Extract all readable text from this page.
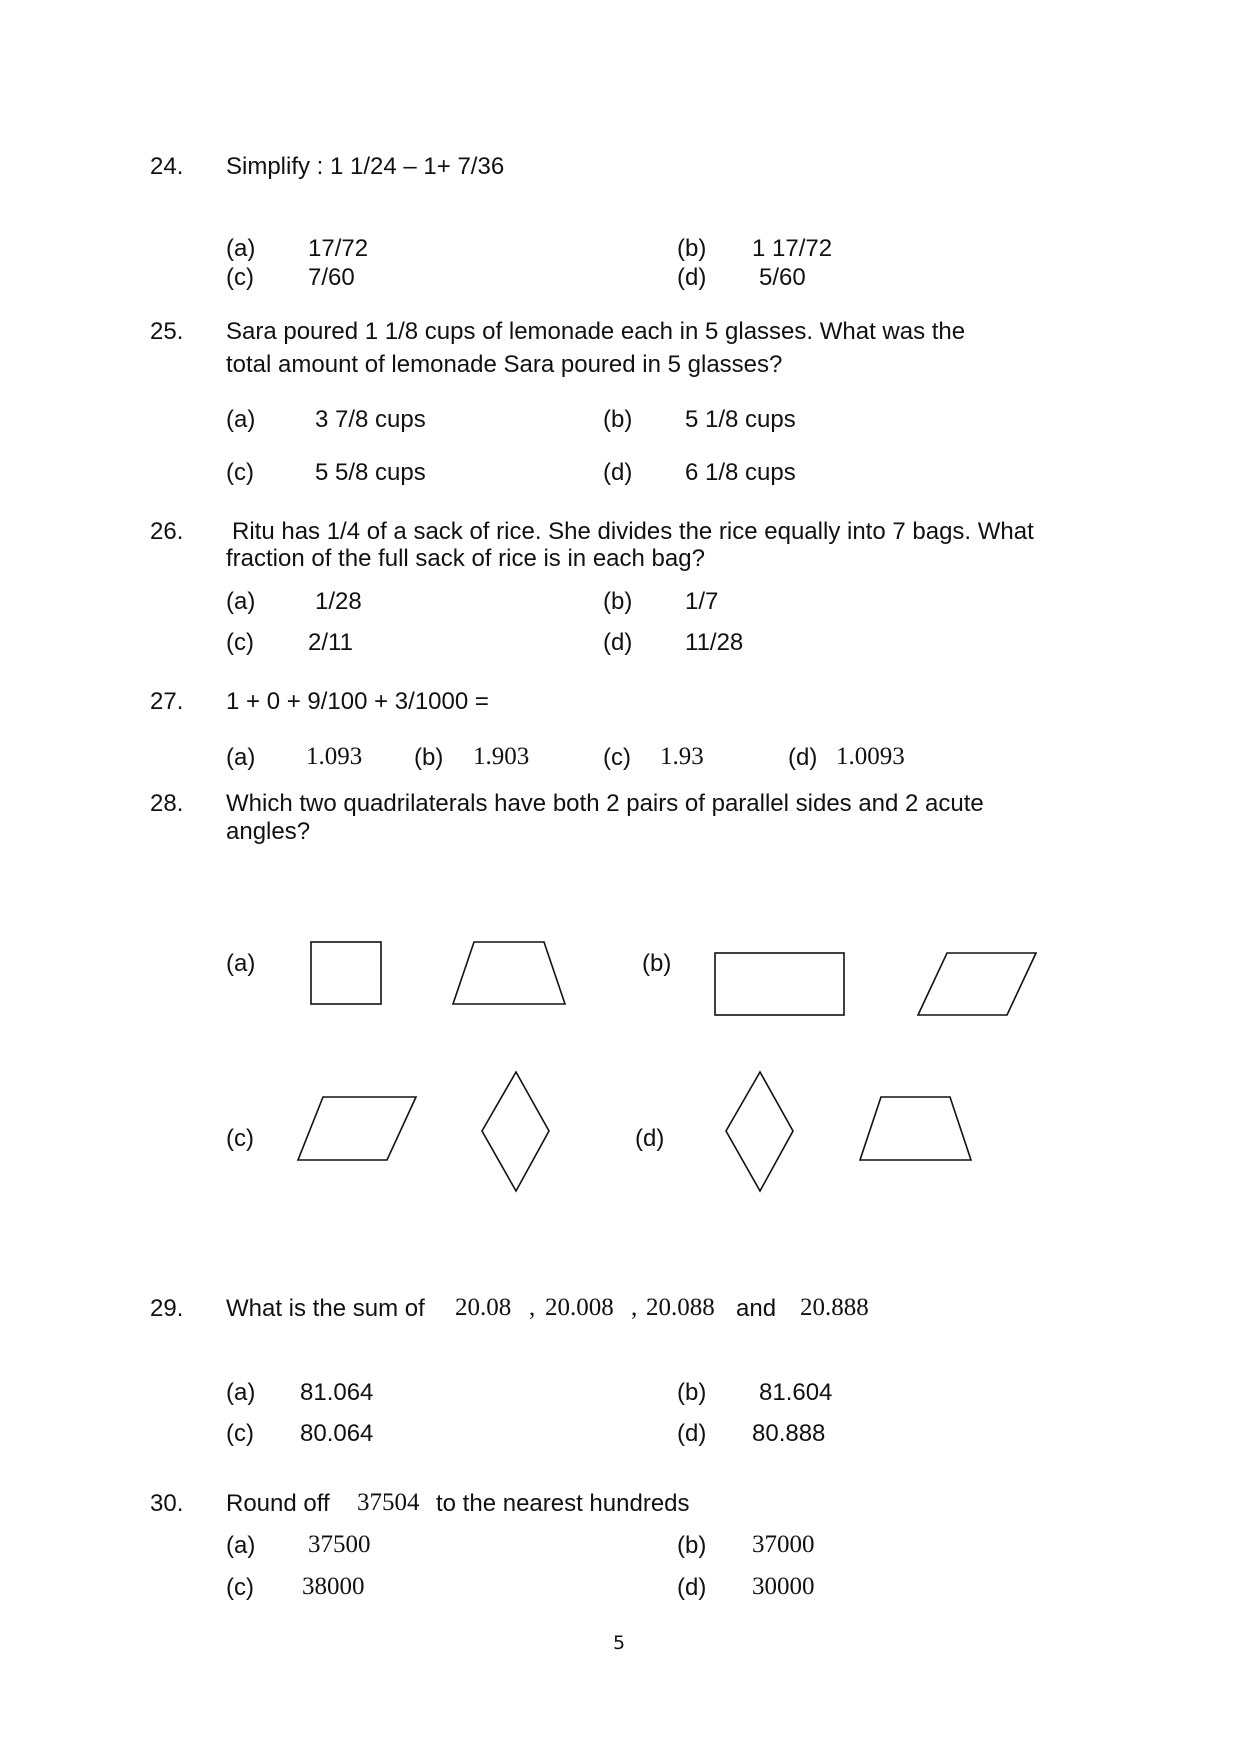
24. Simplify : 1 1/24 – 1+ 7/36
(a) 17/72	(b) 1 17/72
(c) 7/60	(d) 5/60
25. Sara poured 1 1/8 cups of lemonade each in 5 glasses. What was the
total amount of lemonade Sara poured in 5 glasses?
(a) 3 7/8 cups	(b) 5 1/8 cups
(c)	5 5/8 cups	(d) 6 1/8 cups
26. Ritu has 1/4 of a sack of rice. She divides the rice equally into 7 bags. What
fraction of the full sack of rice is in each bag?
(a) 1/28	(b) 1/7
(c) 2/11	(d) 11/28
27. 1 + 0 + 9/100 + 3/1000 =
(a) 1.093 (b) 1.903	(c) 1.93	(d) 1.0093
28. Which two quadrilaterals have both 2 pairs of parallel sides and 2 acute
angles?
(a)	(b)
(c)	(d)
29. What is the sum of 20.08 , 20.008 , 20.088 and 20.888
(a) 81.064	(b) 81.604
(c) 80.064	(d) 80.888
30. Round off 37504 to the nearest hundreds
(a) 37500	(b) 37000
(c) 38000	(d) 30000
5
